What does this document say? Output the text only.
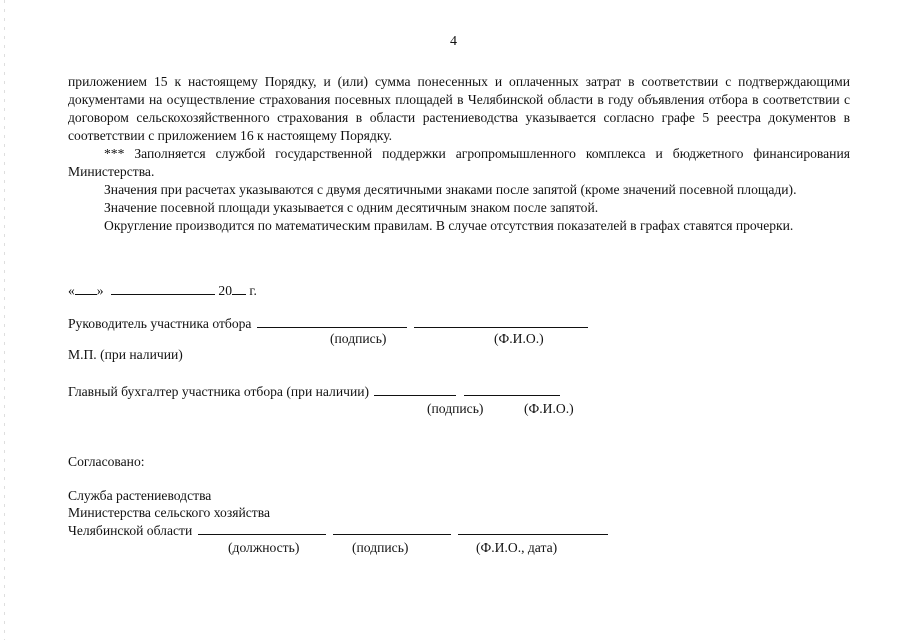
4

приложением 15 к настоящему Порядку, и (или) сумма понесенных и оплаченных затрат в соответствии с подтверждающими документами на осуществление страхования посевных площадей в Челябинской области в году объявления отбора в соответствии с договором сельскохозяйственного страхования в области растениеводства указывается согласно графе 5 реестра документов в соответствии с приложением 16 к настоящему Порядку.

*** Заполняется службой государственной поддержки агропромышленного комплекса и бюджетного финансирования Министерства.

Значения при расчетах указываются с двумя десятичными знаками после запятой (кроме значений посевной площади).

Значение посевной площади указывается с одним десятичным знаком после запятой.

Округление производится по математическим правилам. В случае отсутствия показателей в графах ставятся прочерки.

« »	20 г.
Руководитель участника отбора
(подпись)	(Ф.И.О.)
М.П. (при наличии)
Главный бухгалтер участника отбора (при наличии)
(подпись)	(Ф.И.О.)
Согласовано:
Служба растениеводства
Министерства сельского хозяйства
Челябинской области
(должность)	(подпись)	(Ф.И.О., дата)
